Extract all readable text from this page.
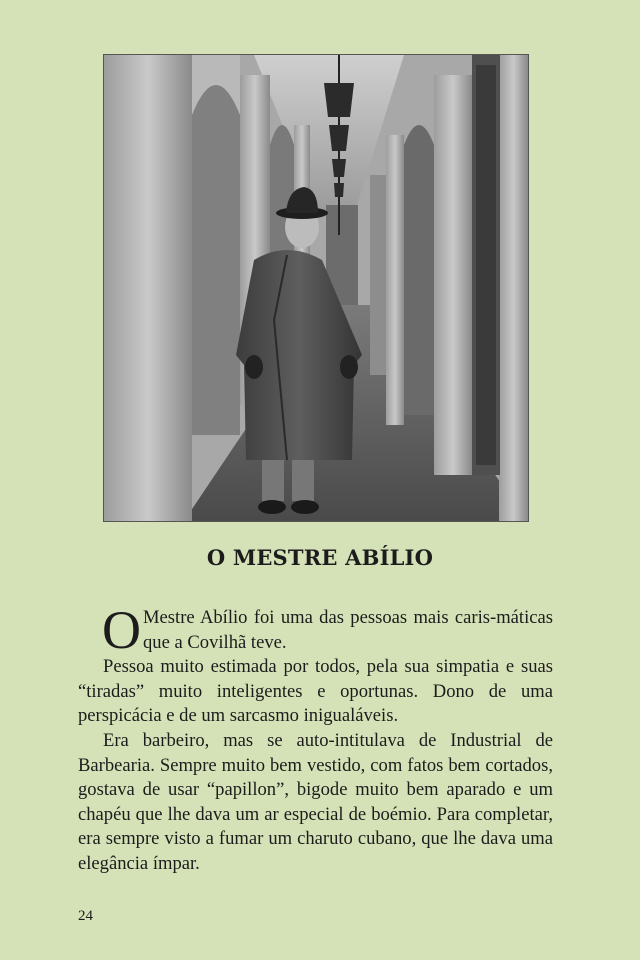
O MESTRE ABÍLIO

O Mestre Abílio foi uma das pessoas mais caris-máticas que a Covilhã teve.

Pessoa muito estimada por todos, pela sua simpatia e suas “tiradas” muito inteligentes e oportunas. Dono de uma perspicácia e de um sarcasmo inigualáveis.

Era barbeiro, mas se auto-intitulava de Industrial de Barbearia. Sempre muito bem vestido, com fatos bem cortados, gostava de usar “papillon”, bigode muito bem aparado e um chapéu que lhe dava um ar especial de boémio. Para completar, era sempre visto a fumar um charuto cubano, que lhe dava uma elegância ímpar.

24
